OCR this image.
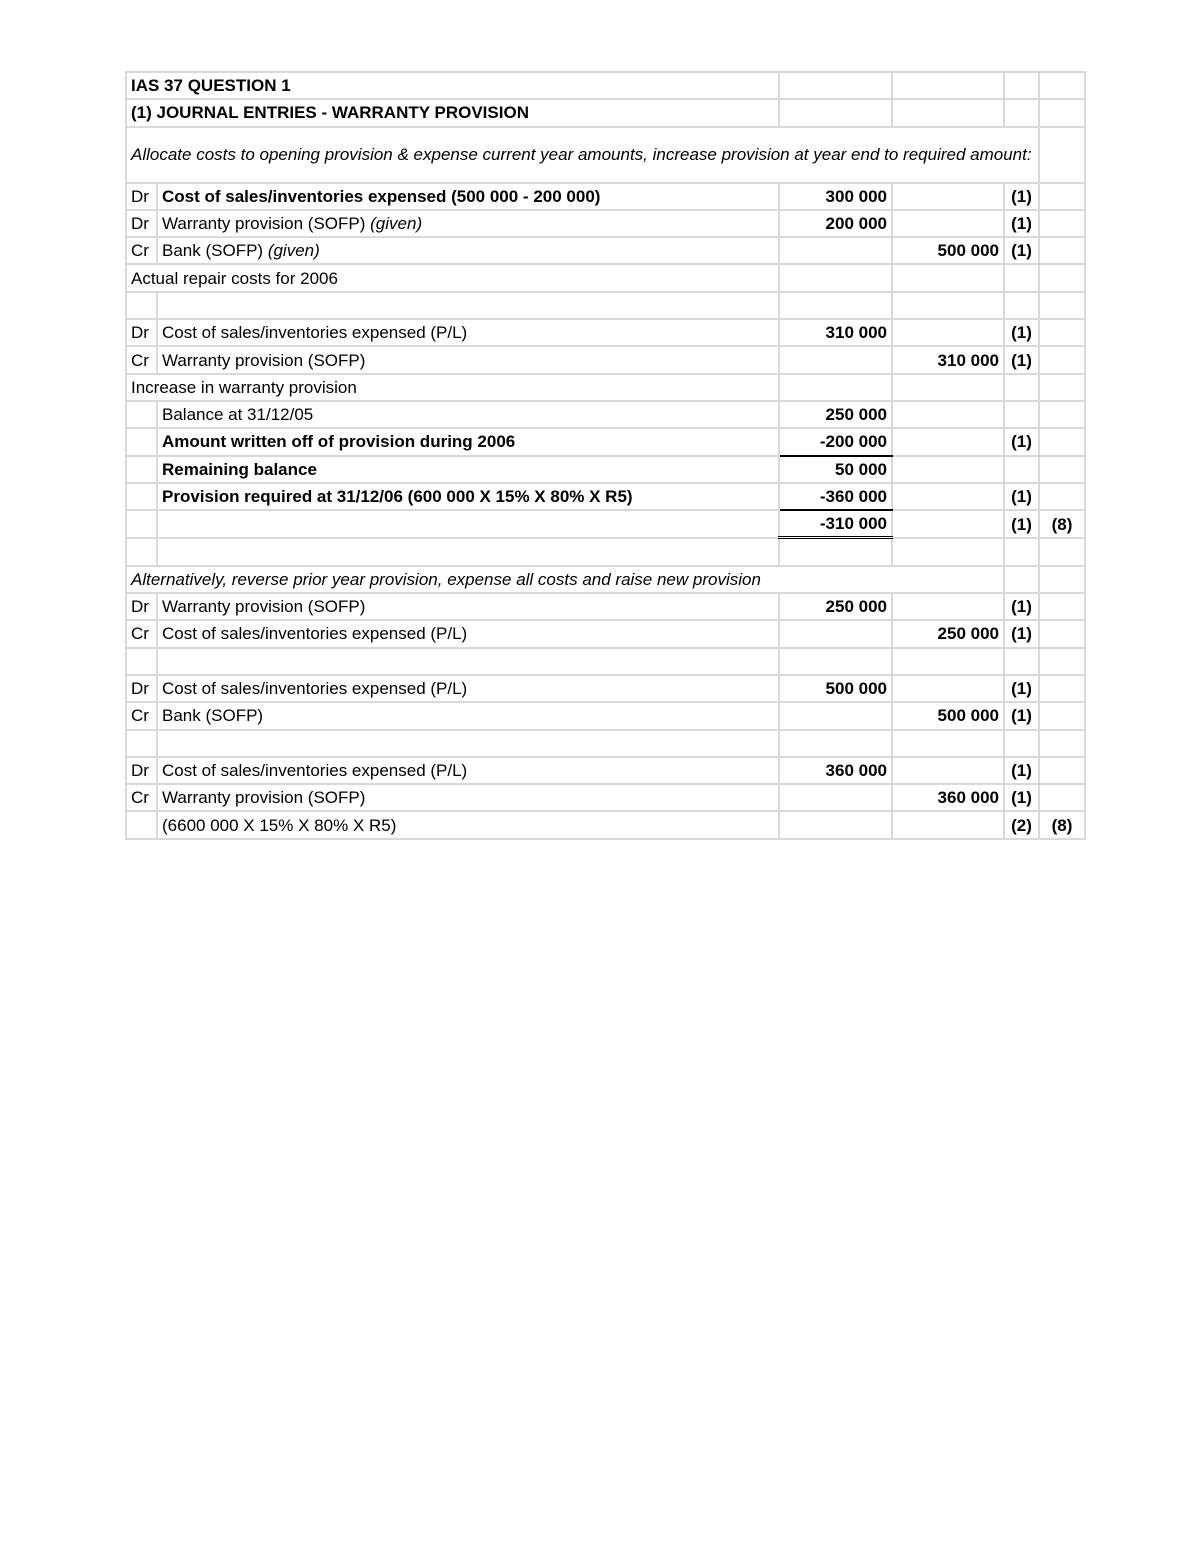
IAS 37 QUESTION 1					
(1) JOURNAL ENTRIES - WARRANTY PROVISION					
Allocate costs to opening provision & expense current year amounts, increase provision at year end to required amount:					
Dr	Cost of sales/inventories expensed (500 000 - 200 000)	300 000		(1)	
Dr	Warranty provision (SOFP) (given)	200 000		(1)	
Cr	Bank (SOFP) (given)		500 000	(1)	
Actual repair costs for 2006					

Dr	Cost of sales/inventories expensed (P/L)	310 000		(1)	
Cr	Warranty provision (SOFP)		310 000	(1)	
Increase in warranty provision					
	Balance at 31/12/05	250 000			
	Amount written off of provision during 2006	-200 000		(1)	
	Remaining balance	50 000			
	Provision required at 31/12/06 (600 000 X 15% X 80% X R5)	-360 000		(1)	
		-310 000		(1)	(8)

Alternatively, reverse prior year provision, expense all costs and raise new provision					
Dr	Warranty provision (SOFP)	250 000		(1)	
Cr	Cost of sales/inventories expensed (P/L)		250 000	(1)	

Dr	Cost of sales/inventories expensed (P/L)	500 000		(1)	
Cr	Bank (SOFP)		500 000	(1)	

Dr	Cost of sales/inventories expensed (P/L)	360 000		(1)	
Cr	Warranty provision (SOFP)		360 000	(1)	
	(6600 000 X 15% X 80% X R5)			(2)	(8)
